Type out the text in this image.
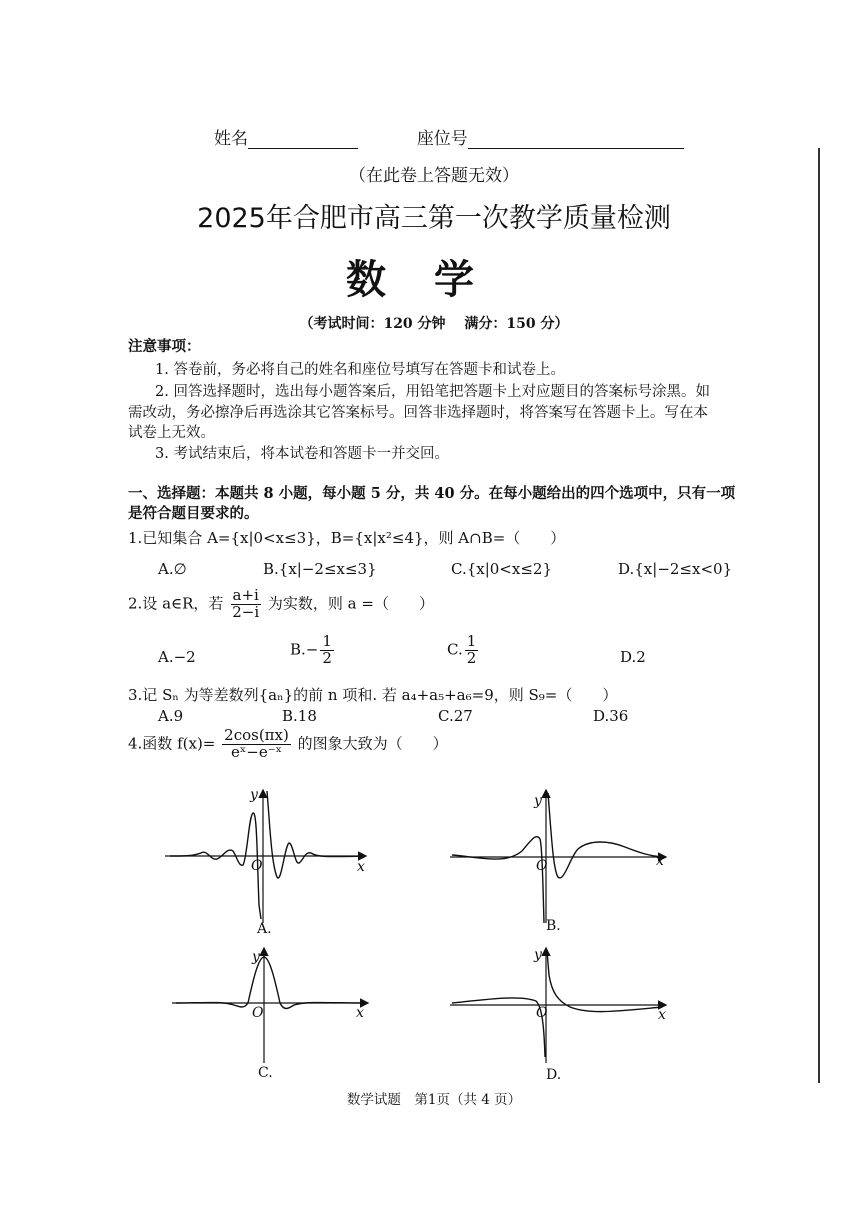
姓名	座位号
（在此卷上答题无效）
2025年合肥市高三第一次教学质量检测
数学
（考试时间：120 分钟　 满分：150 分）
注意事项：
1. 答卷前，务必将自己的姓名和座位号填写在答题卡和试卷上。
2. 回答选择题时，选出每小题答案后，用铅笔把答题卡上对应题目的答案标号涂黑。如
需改动，务必擦净后再选涂其它答案标号。回答非选择题时，将答案写在答题卡上。写在本
试卷上无效。
3. 考试结束后，将本试卷和答题卡一并交回。
一、选择题：本题共 8 小题，每小题 5 分，共 40 分。在每小题给出的四个选项中，只有一项
是符合题目要求的。
1.已知集合 A={x|0<x≤3}，B={x|x²≤4}，则 A∩B=（　　）
A.∅	B.{x|−2≤x≤3}	C.{x|0<x≤2}	D.{x|−2≤x<0}
2.设 a∈R，若 $\frac{a+i}{2-i}$ 为实数，则 a =（　　）
A.−2	$B.- \frac{1}{2}$	C. $\frac{1}{2}$	D.2
3.记 Sₙ 为等差数列{aₙ}的前 n 项和. 若 a₄+a₅+a₆=9，则 S₉=（　　）
A.9	B.18	C.27	D.36
4.函数 $f(x)= \frac{2\cos(\pi x)}{\text{eˣ−e⁻ˣ}}$ 的图象大致为（　　）
y
x
O
A.
y
x
O
B.
y
x
O
C.
y
x
O
D.
数学试题　第1页（共 4 页）
